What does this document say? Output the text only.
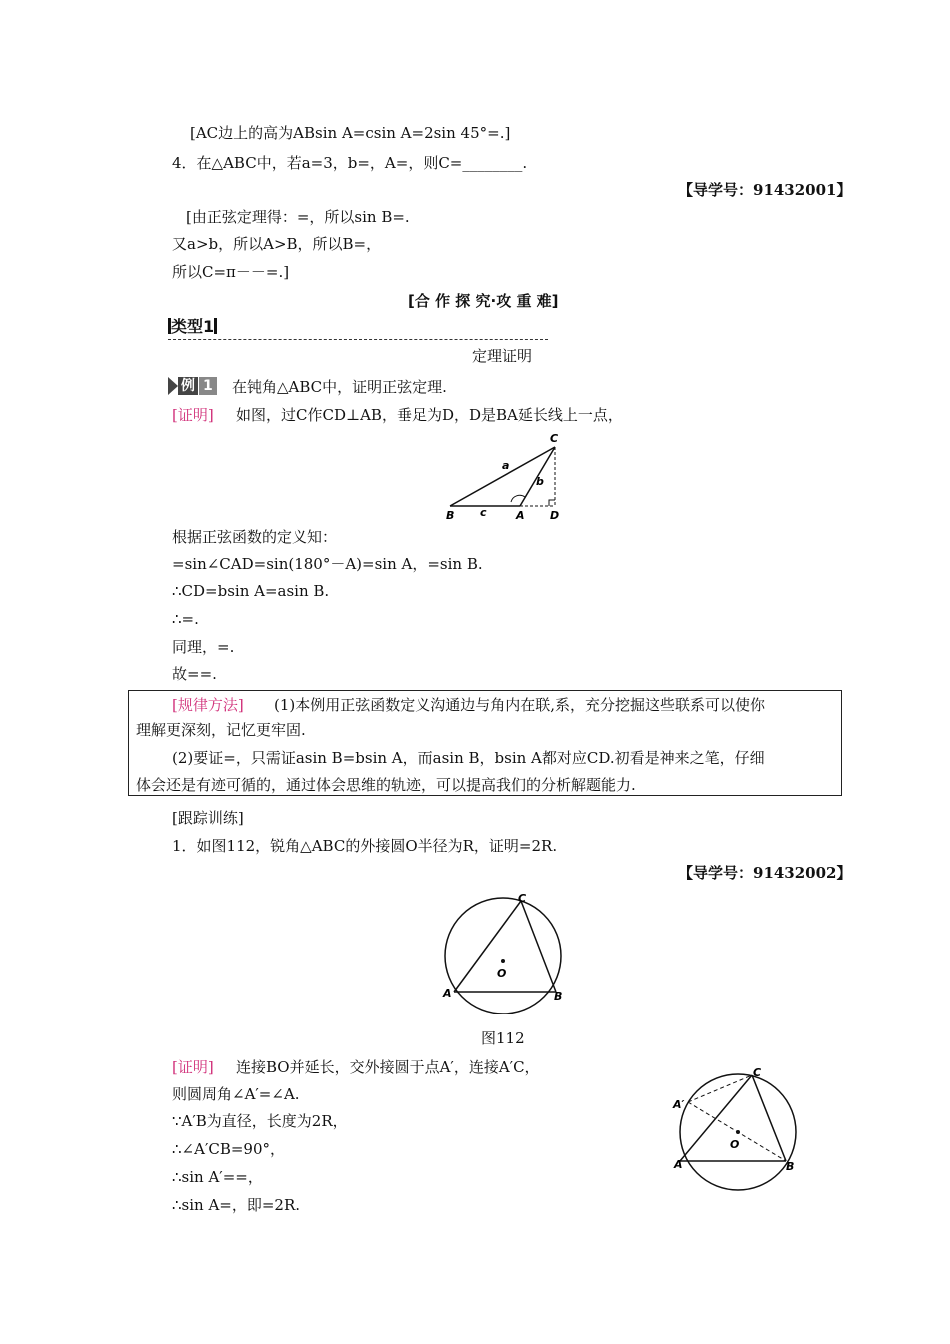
[AC边上的高为ABsin A=csin A=2sin 45°=.]
4．在△ABC中，若a=3，b=，A=，则C=________.
【导学号：91432001】
[由正弦定理得：=，所以sin B=.
又a>b，所以A>B，所以B=，
所以C=π－－=.]
[合 作 探 究·攻 重 难]
类型1
定理证明
例 1 在钝角△ABC中，证明正弦定理.
[证明] 如图，过C作CD⊥AB，垂足为D，D是BA延长线上一点，
C
a
b
B c	A D
根据正弦函数的定义知：
=sin∠CAD=sin(180°－A)=sin A，=sin B.
∴CD=bsin A=asin B.
∴=.
同理，=.
故==.
[规律方法] (1)本例用正弦函数定义沟通边与角内在联,系，充分挖掘这些联系可以使你
理解更深刻，记忆更牢固.
(2)要证=，只需证asin B=bsin A，而asin B，bsin A都对应CD.初看是神来之笔，仔细
体会还是有迹可循的，通过体会思维的轨迹，可以提高我们的分析解题能力.
[跟踪训练]
1．如图112，锐角△ABC的外接圆O半径为R，证明=2R.
【导学号：91432002】
C
O
A	B
图112
[证明] 连接BO并延长，交外接圆于点A′，连接A′C，
则圆周角∠A′=∠A.
∵A′B为直径，长度为2R，
∴∠A′CB=90°，
∴sin A′==，
∴sin A=，即=2R.
C
A′
O
A	B
